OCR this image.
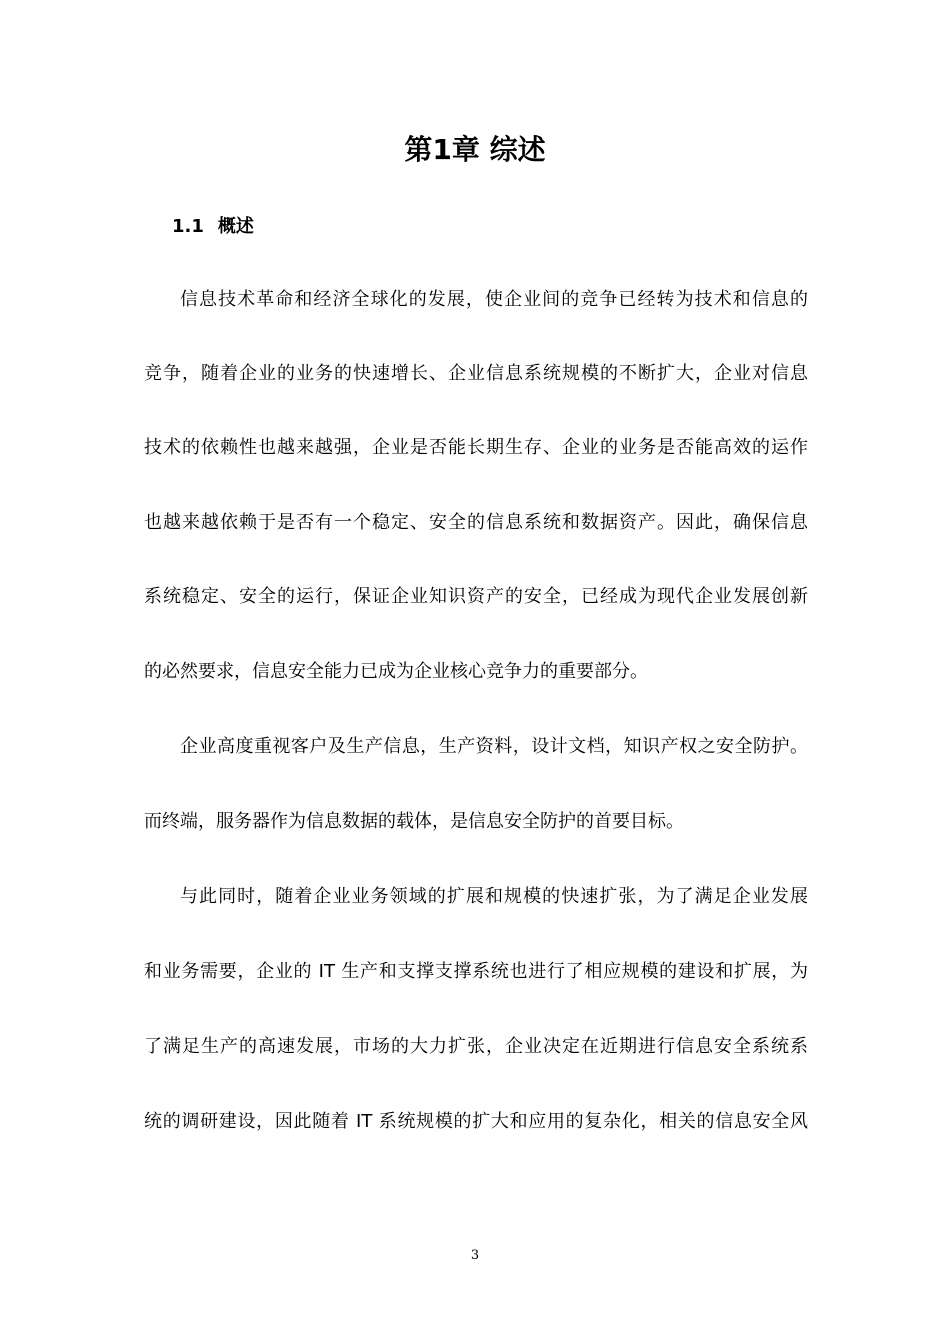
第1章 综述
1.1 概述

信息技术革命和经济全球化的发展，使企业间的竞争已经转为技术和信息的

竞争，随着企业的业务的快速增长、企业信息系统规模的不断扩大，企业对信息

技术的依赖性也越来越强，企业是否能长期生存、企业的业务是否能高效的运作

也越来越依赖于是否有一个稳定、安全的信息系统和数据资产。因此，确保信息

系统稳定、安全的运行，保证企业知识资产的安全，已经成为现代企业发展创新

的必然要求，信息安全能力已成为企业核心竞争力的重要部分。

企业高度重视客户及生产信息，生产资料，设计文档，知识产权之安全防护。

而终端，服务器作为信息数据的载体，是信息安全防护的首要目标。

与此同时，随着企业业务领域的扩展和规模的快速扩张，为了满足企业发展

和业务需要，企业的 IT 生产和支撑支撑系统也进行了相应规模的建设和扩展，为

了满足生产的高速发展，市场的大力扩张，企业决定在近期进行信息安全系统系

统的调研建设，因此随着 IT 系统规模的扩大和应用的复杂化，相关的信息安全风

3
